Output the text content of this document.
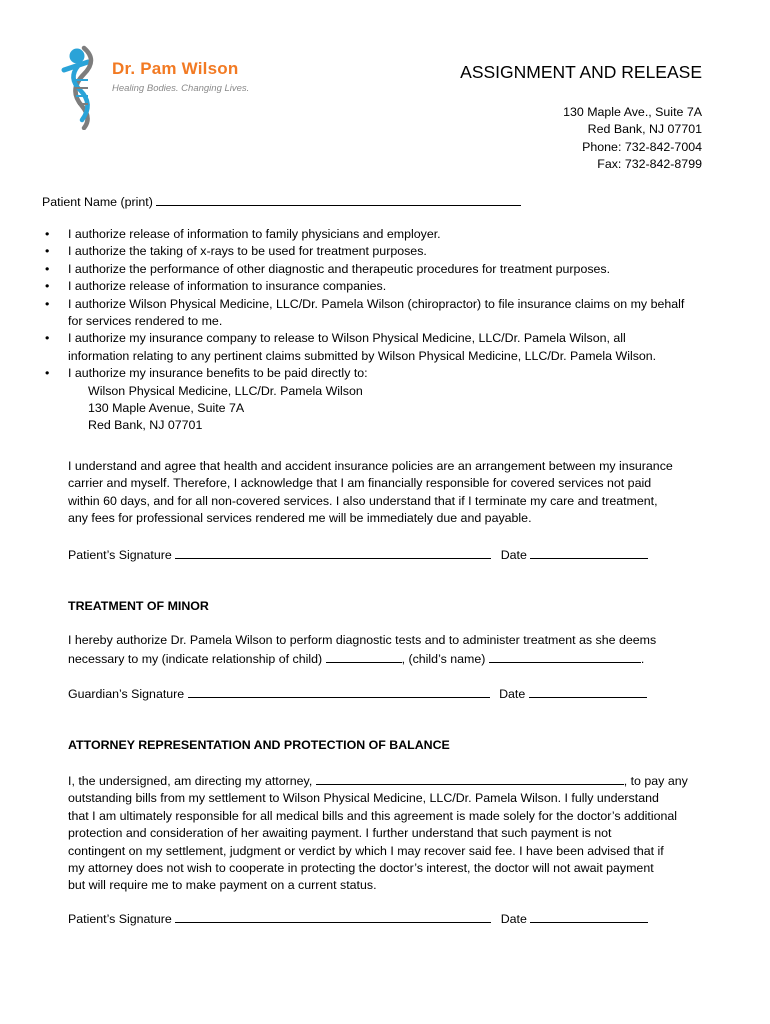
Dr. Pam Wilson
Healing Bodies. Changing Lives.
ASSIGNMENT AND RELEASE
130 Maple Ave., Suite 7A
Red Bank, NJ 07701
Phone: 732-842-7004
Fax: 732-842-8799
Patient Name (print)
• I authorize release of information to family physicians and employer.
• I authorize the taking of x-rays to be used for treatment purposes.
• I authorize the performance of other diagnostic and therapeutic procedures for treatment purposes.
• I authorize release of information to insurance companies.
• I authorize Wilson Physical Medicine, LLC/Dr. Pamela Wilson (chiropractor) to file insurance claims on my behalf
for services rendered to me.
• I authorize my insurance company to release to Wilson Physical Medicine, LLC/Dr. Pamela Wilson, all
information relating to any pertinent claims submitted by Wilson Physical Medicine, LLC/Dr. Pamela Wilson.
• I authorize my insurance benefits to be paid directly to:
Wilson Physical Medicine, LLC/Dr. Pamela Wilson
130 Maple Avenue, Suite 7A
Red Bank, NJ 07701
I understand and agree that health and accident insurance policies are an arrangement between my insurance
carrier and myself. Therefore, I acknowledge that I am financially responsible for covered services not paid
within 60 days, and for all non-covered services. I also understand that if I terminate my care and treatment,
any fees for professional services rendered me will be immediately due and payable.
Patient’s Signature	Date
TREATMENT OF MINOR
I hereby authorize Dr. Pamela Wilson to perform diagnostic tests and to administer treatment as she deems
necessary to my (indicate relationship of child)	, (child’s name)	.
Guardian’s Signature	Date
ATTORNEY REPRESENTATION AND PROTECTION OF BALANCE
I, the undersigned, am directing my attorney,	, to pay any
outstanding bills from my settlement to Wilson Physical Medicine, LLC/Dr. Pamela Wilson. I fully understand
that I am ultimately responsible for all medical bills and this agreement is made solely for the doctor’s additional
protection and consideration of her awaiting payment. I further understand that such payment is not
contingent on my settlement, judgment or verdict by which I may recover said fee. I have been advised that if
my attorney does not wish to cooperate in protecting the doctor’s interest, the doctor will not await payment
but will require me to make payment on a current status.
Patient’s Signature	Date
